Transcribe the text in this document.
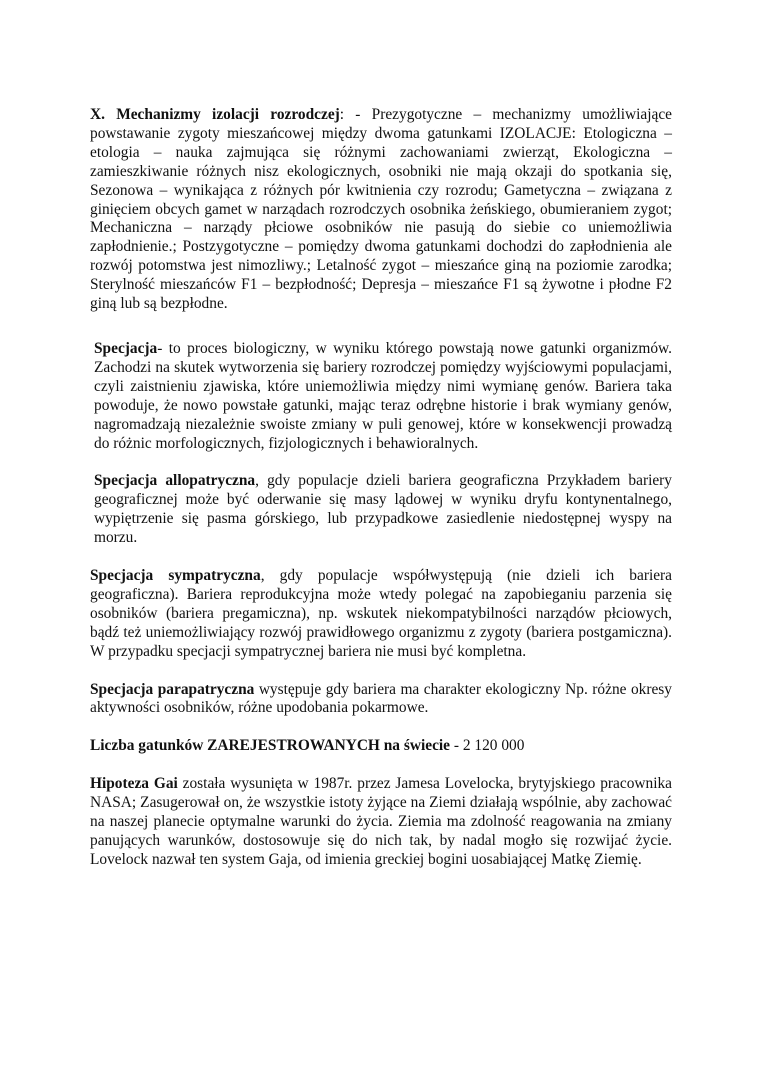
X. Mechanizmy izolacji rozrodczej: - Prezygotyczne – mechanizmy umożliwiające powstawanie zygoty mieszańcowej między dwoma gatunkami IZOLACJE: Etologiczna – etologia – nauka zajmująca się różnymi zachowaniami zwierząt, Ekologiczna – zamieszkiwanie różnych nisz ekologicznych, osobniki nie mają okzaji do spotkania się, Sezonowa – wynikająca z różnych pór kwitnienia czy rozrodu; Gametyczna – związana z ginięciem obcych gamet w narządach rozrodczych osobnika żeńskiego, obumieraniem zygot; Mechaniczna – narządy płciowe osobników nie pasują do siebie co uniemożliwia zapłodnienie.; Postzygotyczne – pomiędzy dwoma gatunkami dochodzi do zapłodnienia ale rozwój potomstwa jest nimozliwy.; Letalność zygot – mieszańce giną na poziomie zarodka; Sterylność mieszańców F1 – bezpłodność; Depresja – mieszańce F1 są żywotne i płodne F2 giną lub są bezpłodne.

Specjacja- to proces biologiczny, w wyniku którego powstają nowe gatunki organizmów. Zachodzi na skutek wytworzenia się bariery rozrodczej pomiędzy wyjściowymi populacjami, czyli zaistnieniu zjawiska, które uniemożliwia między nimi wymianę genów. Bariera taka powoduje, że nowo powstałe gatunki, mając teraz odrębne historie i brak wymiany genów, nagromadzają niezależnie swoiste zmiany w puli genowej, które w konsekwencji prowadzą do różnic morfologicznych, fizjologicznych i behawioralnych.

Specjacja allopatryczna, gdy populacje dzieli bariera geograficzna Przykładem bariery geograficznej może być oderwanie się masy lądowej w wyniku dryfu kontynentalnego, wypiętrzenie się pasma górskiego, lub przypadkowe zasiedlenie niedostępnej wyspy na morzu.

Specjacja sympatryczna, gdy populacje współwystępują (nie dzieli ich bariera geograficzna). Bariera reprodukcyjna może wtedy polegać na zapobieganiu parzenia się osobników (bariera pregamiczna), np. wskutek niekompatybilności narządów płciowych, bądź też uniemożliwiający rozwój prawidłowego organizmu z zygoty (bariera postgamiczna). W przypadku specjacji sympatrycznej bariera nie musi być kompletna.

Specjacja parapatryczna występuje gdy bariera ma charakter ekologiczny Np. różne okresy aktywności osobników, różne upodobania pokarmowe.

Liczba gatunków ZAREJESTROWANYCH na świecie - 2 120 000

Hipoteza Gai została wysunięta w 1987r. przez Jamesa Lovelocka, brytyjskiego pracownika NASA; Zasugerował on, że wszystkie istoty żyjące na Ziemi działają wspólnie, aby zachować na naszej planecie optymalne warunki do życia. Ziemia ma zdolność reagowania na zmiany panujących warunków, dostosowuje się do nich tak, by nadal mogło się rozwijać życie. Lovelock nazwał ten system Gaja, od imienia greckiej bogini uosabiającej Matkę Ziemię.
